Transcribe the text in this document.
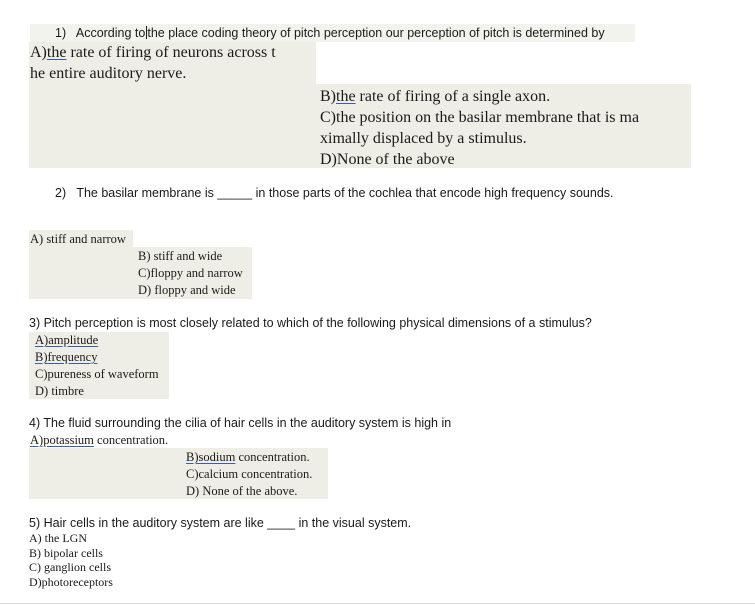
1) According to the place coding theory of pitch perception our perception of pitch is determined by
A)the rate of firing of neurons across t
he entire auditory nerve.
B)the rate of firing of a single axon.
C)the position on the basilar membrane that is ma
ximally displaced by a stimulus.
D)None of the above
2) The basilar membrane is _____ in those parts of the cochlea that encode high frequency sounds.
A) stiff and narrow
B) stiff and wide
C)floppy and narrow
D) floppy and wide
3) Pitch perception is most closely related to which of the following physical dimensions of a stimulus?
A)amplitude
B)frequency
C)pureness of waveform
D) timbre
4) The fluid surrounding the cilia of hair cells in the auditory system is high in
A)potassium concentration.
B)sodium concentration.
C)calcium concentration.
D) None of the above.
5) Hair cells in the auditory system are like ____ in the visual system.
A) the LGN
B) bipolar cells
C) ganglion cells
D)photoreceptors
